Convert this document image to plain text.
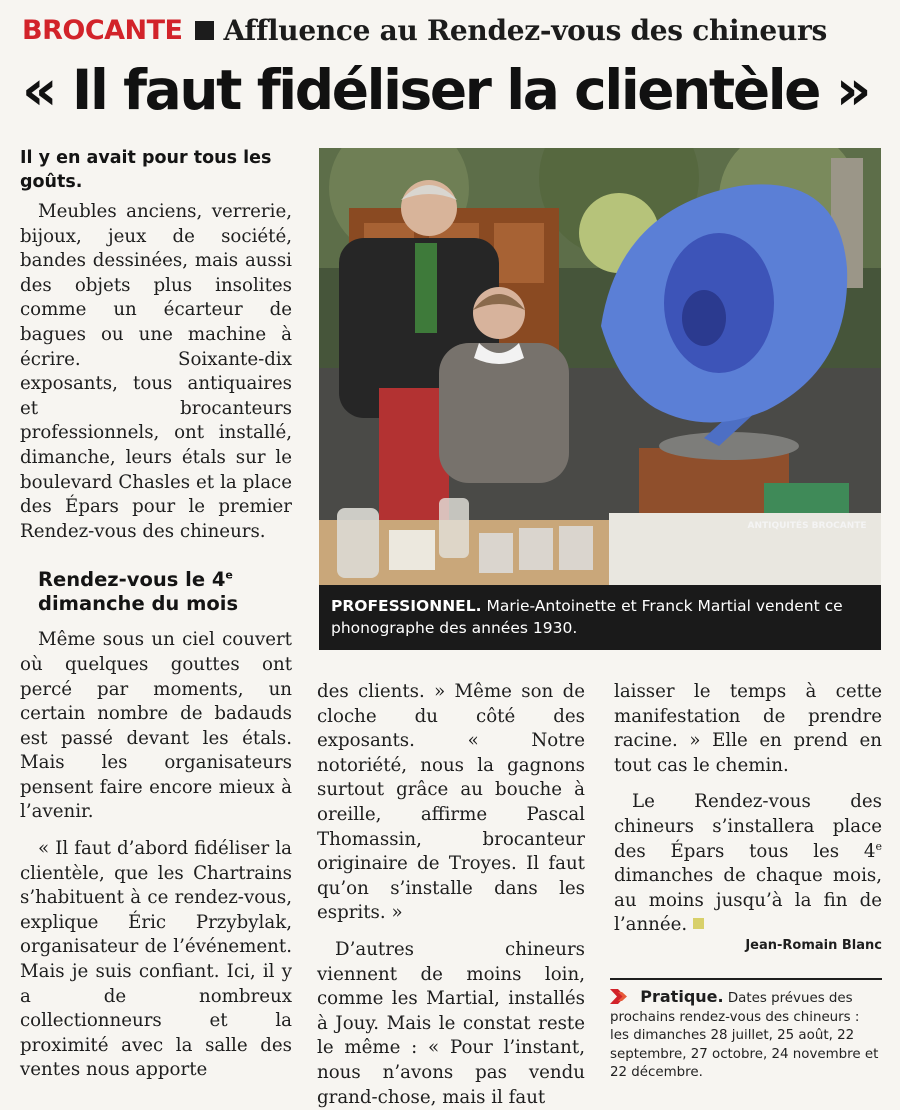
BROCANTE Affluence au Rendez-vous des chineurs
« Il faut fidéliser la clientèle »

Il y en avait pour tous les goûts.

Meubles anciens, verrerie, bijoux, jeux de société, bandes dessinées, mais aussi des objets plus insolites comme un écarteur de bagues ou une machine à écrire. Soixante-dix exposants, tous antiquaires et brocanteurs professionnels, ont installé, dimanche, leurs étals sur le boulevard Chasles et la place des Épars pour le premier Rendez-vous des chineurs.

Rendez-vous le 4e
dimanche du mois

Même sous un ciel couvert où quelques gouttes ont percé par moments, un certain nombre de badauds est passé devant les étals. Mais les organisateurs pensent faire encore mieux à l’avenir.

« Il faut d’abord fidéliser la clientèle, que les Chartrains s’habituent à ce rendez-vous, explique Éric Przybylak, organisateur de l’événement. Mais je suis confiant. Ici, il y a de nombreux collectionneurs et la proximité avec la salle des ventes nous apporte

ANTIQUITÉS BROCANTE
PROFESSIONNEL. Marie-Antoinette et Franck Martial vendent ce phonographe des années 1930.

des clients. » Même son de cloche du côté des exposants. « Notre notoriété, nous la gagnons surtout grâce au bouche à oreille, affirme Pascal Thomassin, brocanteur originaire de Troyes. Il faut qu’on s’installe dans les esprits. »

D’autres chineurs viennent de moins loin, comme les Martial, installés à Jouy. Mais le constat reste le même : « Pour l’instant, nous n’avons pas vendu grand-chose, mais il faut

laisser le temps à cette manifestation de prendre racine. » Elle en prend en tout cas le chemin.

Le Rendez-vous des chineurs s’installera place des Épars tous les 4e dimanches de chaque mois, au moins jusqu’à la fin de l’année.

Jean-Romain Blanc
Pratique. Dates prévues des prochains rendez-vous des chineurs : les dimanches 28 juillet, 25 août, 22 septembre, 27 octobre, 24 novembre et 22 décembre.
